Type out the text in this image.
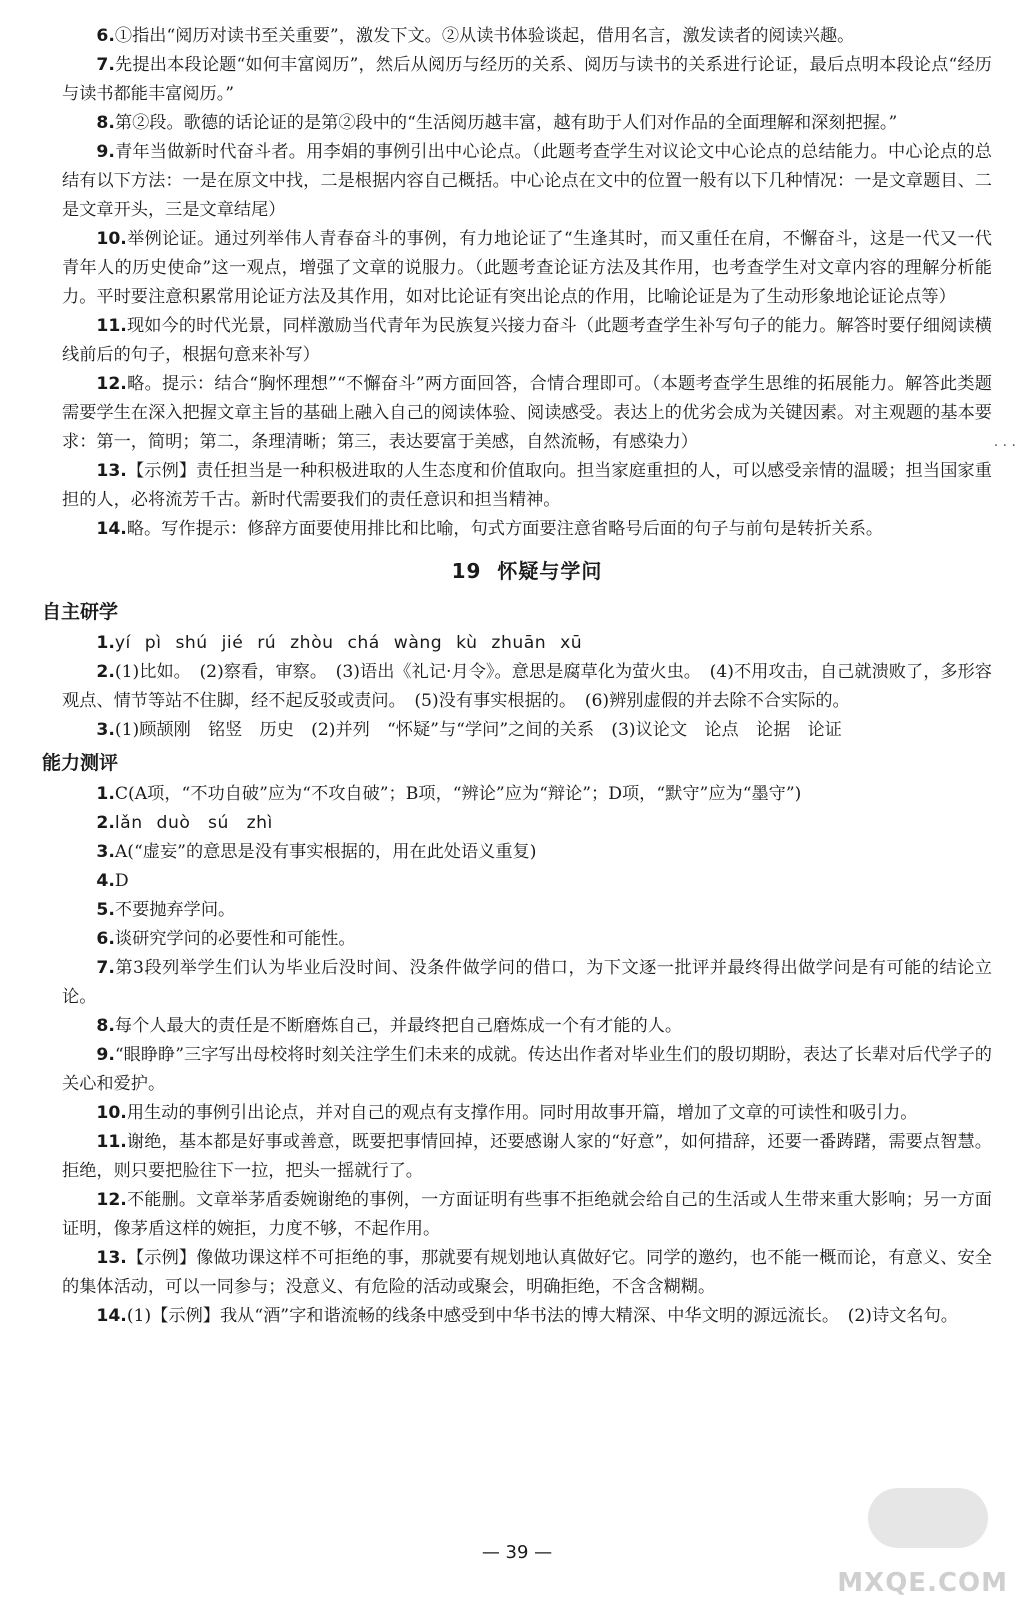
6.①指出“阅历对读书至关重要”，激发下文。②从读书体验谈起，借用名言，激发读者的阅读兴趣。

7.先提出本段论题“如何丰富阅历”，然后从阅历与经历的关系、阅历与读书的关系进行论证，最后点明本段论点“经历与读书都能丰富阅历。”

8.第②段。歌德的话论证的是第②段中的“生活阅历越丰富，越有助于人们对作品的全面理解和深刻把握。”

9.青年当做新时代奋斗者。用李娟的事例引出中心论点。（此题考查学生对议论文中心论点的总结能力。中心论点的总结有以下方法：一是在原文中找，二是根据内容自己概括。中心论点在文中的位置一般有以下几种情况：一是文章题目、二是文章开头，三是文章结尾）

10.举例论证。通过列举伟人青春奋斗的事例，有力地论证了“生逢其时，而又重任在肩，不懈奋斗，这是一代又一代青年人的历史使命”这一观点，增强了文章的说服力。（此题考查论证方法及其作用，也考查学生对文章内容的理解分析能力。平时要注意积累常用论证方法及其作用，如对比论证有突出论点的作用，比喻论证是为了生动形象地论证论点等）

11.现如今的时代光景，同样激励当代青年为民族复兴接力奋斗（此题考查学生补写句子的能力。解答时要仔细阅读横线前后的句子，根据句意来补写）

12.略。提示：结合“胸怀理想”“不懈奋斗”两方面回答，合情合理即可。（本题考查学生思维的拓展能力。解答此类题需要学生在深入把握文章主旨的基础上融入自己的阅读体验、阅读感受。表达上的优劣会成为关键因素。对主观题的基本要求：第一，简明；第二，条理清晰；第三，表达要富于美感，自然流畅，有感染力）

13.【示例】责任担当是一种积极进取的人生态度和价值取向。担当家庭重担的人，可以感受亲情的温暖；担当国家重担的人，必将流芳千古。新时代需要我们的责任意识和担当精神。

14.略。写作提示：修辞方面要使用排比和比喻，句式方面要注意省略号后面的句子与前句是转折关系。

19 怀疑与学问
自主研学

1.yí pì shú jié rú zhòu chá wàng kù zhuān xū

2.(1)比如。　(2)察看，审察。　(3)语出《礼记·月令》。意思是腐草化为萤火虫。　(4)不用攻击，自己就溃败了，多形容观点、情节等站不住脚，经不起反驳或责问。　(5)没有事实根据的。　(6)辨别虚假的并去除不合实际的。

3.(1)顾颉刚　铭竖　历史　(2)并列　“怀疑”与“学问”之间的关系　(3)议论文　论点　论据　论证

能力测评

1.C(A项，“不功自破”应为“不攻自破”；B项，“辨论”应为“辩论”；D项，“默守”应为“墨守”)

2.lǎn duò　sú　zhì

3.A(“虚妄”的意思是没有事实根据的，用在此处语义重复)

4.D

5.不要抛弃学问。

6.谈研究学问的必要性和可能性。

7.第3段列举学生们认为毕业后没时间、没条件做学问的借口，为下文逐一批评并最终得出做学问是有可能的结论立论。

8.每个人最大的责任是不断磨炼自己，并最终把自己磨炼成一个有才能的人。

9.“眼睁睁”三字写出母校将时刻关注学生们未来的成就。传达出作者对毕业生们的殷切期盼，表达了长辈对后代学子的关心和爱护。

10.用生动的事例引出论点，并对自己的观点有支撑作用。同时用故事开篇，增加了文章的可读性和吸引力。

11.谢绝，基本都是好事或善意，既要把事情回掉，还要感谢人家的“好意”，如何措辞，还要一番踌躇，需要点智慧。拒绝，则只要把脸往下一拉，把头一摇就行了。

12.不能删。文章举茅盾委婉谢绝的事例，一方面证明有些事不拒绝就会给自己的生活或人生带来重大影响；另一方面证明，像茅盾这样的婉拒，力度不够，不起作用。

13.【示例】像做功课这样不可拒绝的事，那就要有规划地认真做好它。同学的邀约，也不能一概而论，有意义、安全的集体活动，可以一同参与；没意义、有危险的活动或聚会，明确拒绝，不含含糊糊。

14.(1)【示例】我从“酒”字和谐流畅的线条中感受到中华书法的博大精深、中华文明的源远流长。　(2)诗文名句。

. . .
— 39 —
MXQE.COM
